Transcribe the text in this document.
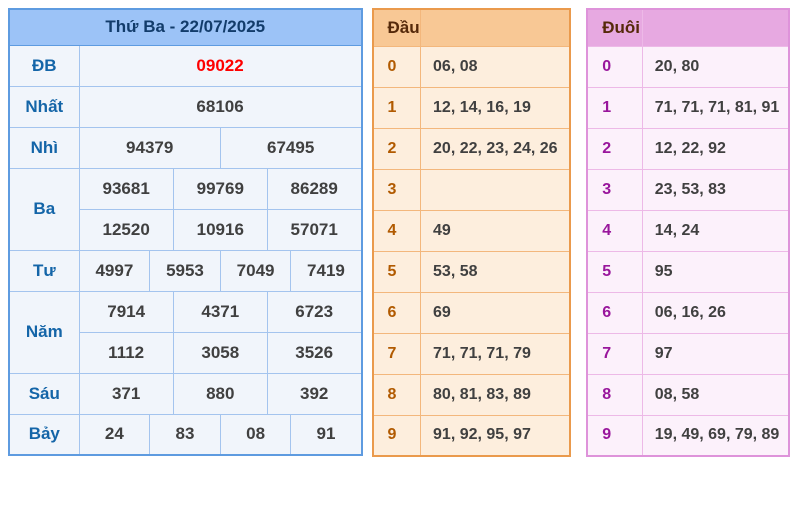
Thứ Ba - 22/07/2025						
ĐB	09022					
Nhất	68106					
Nhì	94379			67495		
Ba	93681		99769		86289	
	12520		10916		57071	
Tư	4997	5953		7049		7419
Năm	7914		4371		6723	
	1112		3058		3526	
Sáu	371		880		392	
Bảy	24	83		08		91
Đầu	
0	06, 08
1	12, 14, 16, 19
2	20, 22, 23, 24, 26
3	
4	49
5	53, 58
6	69
7	71, 71, 71, 79
8	80, 81, 83, 89
9	91, 92, 95, 97
Đuôi	
0	20, 80
1	71, 71, 71, 81, 91
2	12, 22, 92
3	23, 53, 83
4	14, 24
5	95
6	06, 16, 26
7	97
8	08, 58
9	19, 49, 69, 79, 89
